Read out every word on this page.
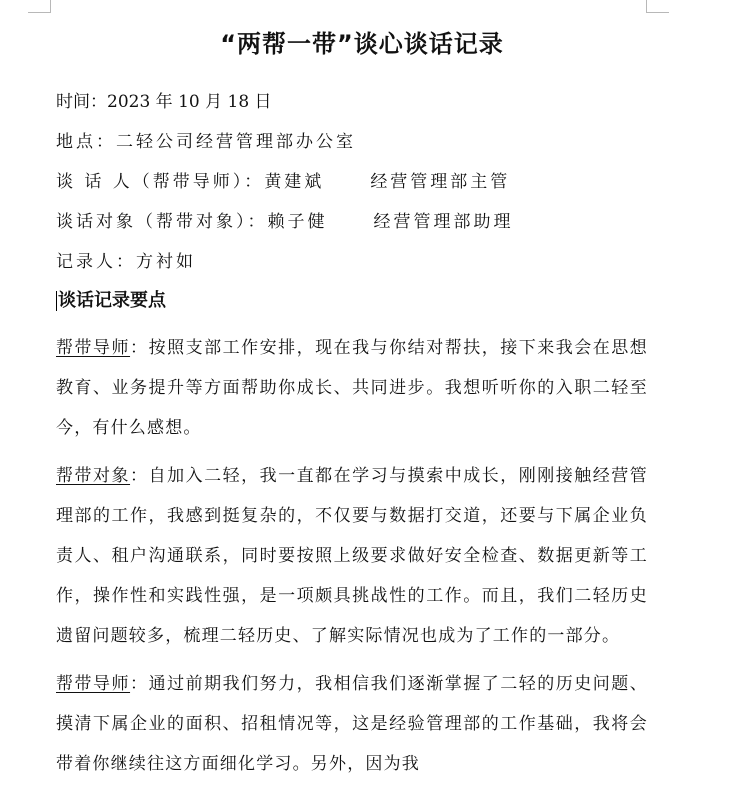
“两帮一带”谈心谈话记录
时间：2023 年 10 月 18 日
地点：二轻公司经营管理部办公室
谈 话 人（帮带导师）：黄建斌	经营管理部主管
谈话对象（帮带对象）：赖子健	经营管理部助理
记录人：方衬如
谈话记录要点
帮带导师：按照支部工作安排，现在我与你结对帮扶，接下来我会在思想教育、业务提升等方面帮助你成长、共同进步。我想听听你的入职二轻至今，有什么感想。
帮带对象：自加入二轻，我一直都在学习与摸索中成长，刚刚接触经营管理部的工作，我感到挺复杂的，不仅要与数据打交道，还要与下属企业负责人、租户沟通联系，同时要按照上级要求做好安全检查、数据更新等工作，操作性和实践性强，是一项颇具挑战性的工作。而且，我们二轻历史遗留问题较多，梳理二轻历史、了解实际情况也成为了工作的一部分。
帮带导师：通过前期我们努力，我相信我们逐渐掌握了二轻的历史问题、摸清下属企业的面积、招租情况等，这是经验管理部的工作基础，我将会带着你继续往这方面细化学习。另外，因为我
